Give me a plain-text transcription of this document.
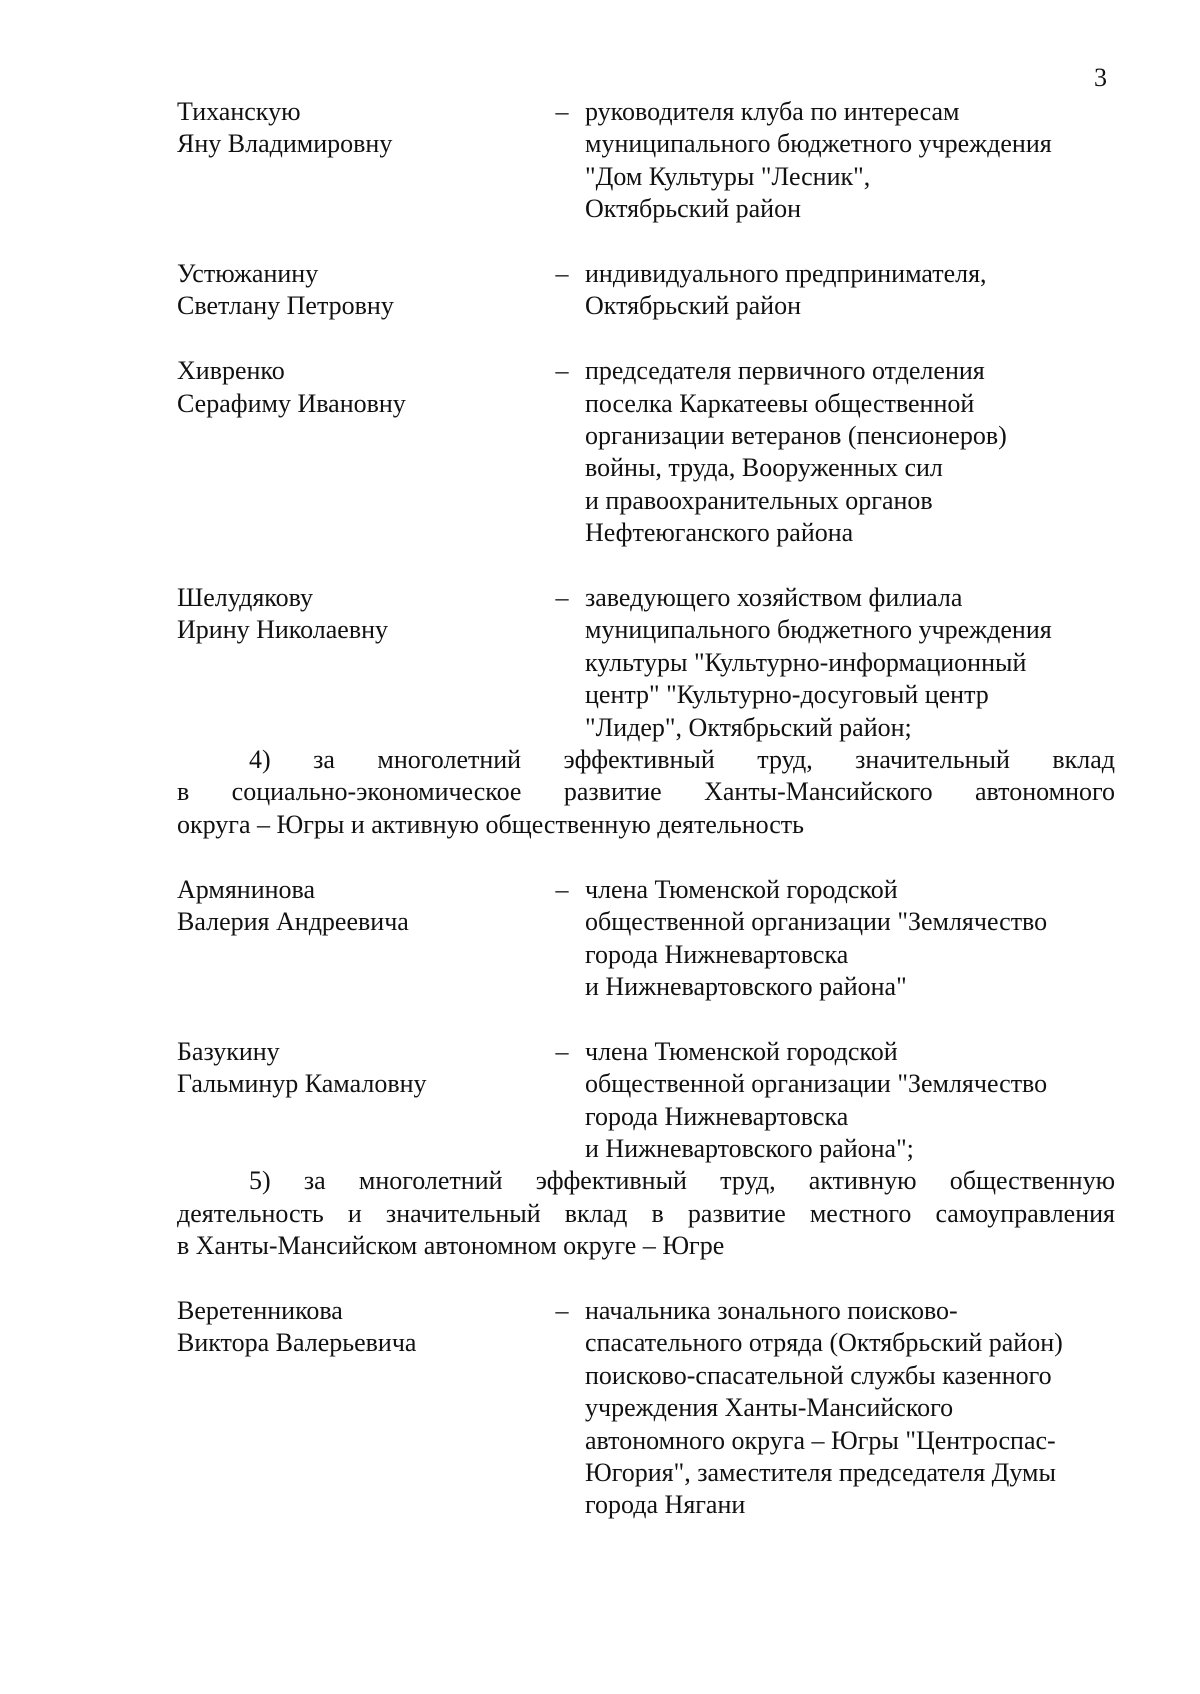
3
Тиханскую
Яну Владимировну
– руководителя клуба по интересам
муниципального бюджетного учреждения
"Дом Культуры "Лесник",
Октябрьский район
Устюжанину
Светлану Петровну
– индивидуального предпринимателя,
Октябрьский район
Хивренко
Серафиму Ивановну
– председателя первичного отделения
поселка Каркатеевы общественной
организации ветеранов (пенсионеров)
войны, труда, Вооруженных сил
и правоохранительных органов
Нефтеюганского района
Шелудякову
Ирину Николаевну
– заведующего хозяйством филиала
муниципального бюджетного учреждения
культуры "Культурно-информационный
центр" "Культурно-досуговый центр
"Лидер", Октябрьский район;
4) за многолетний эффективный труд, значительный вклад
в социально-экономическое развитие Ханты-Мансийского автономного
округа – Югры и активную общественную деятельность
Армянинова
Валерия Андреевича
– члена Тюменской городской
общественной организации "Землячество
города Нижневартовска
и Нижневартовского района"
Базукину
Гальминур Камаловну
– члена Тюменской городской
общественной организации "Землячество
города Нижневартовска
и Нижневартовского района";
5) за многолетний эффективный труд, активную общественную
деятельность и значительный вклад в развитие местного самоуправления
в Ханты-Мансийском автономном округе – Югре
Веретенникова
Виктора Валерьевича
– начальника зонального поисково-
спасательного отряда (Октябрьский район)
поисково-спасательной службы казенного
учреждения Ханты-Мансийского
автономного округа – Югры "Центроспас-
Югория", заместителя председателя Думы
города Нягани
